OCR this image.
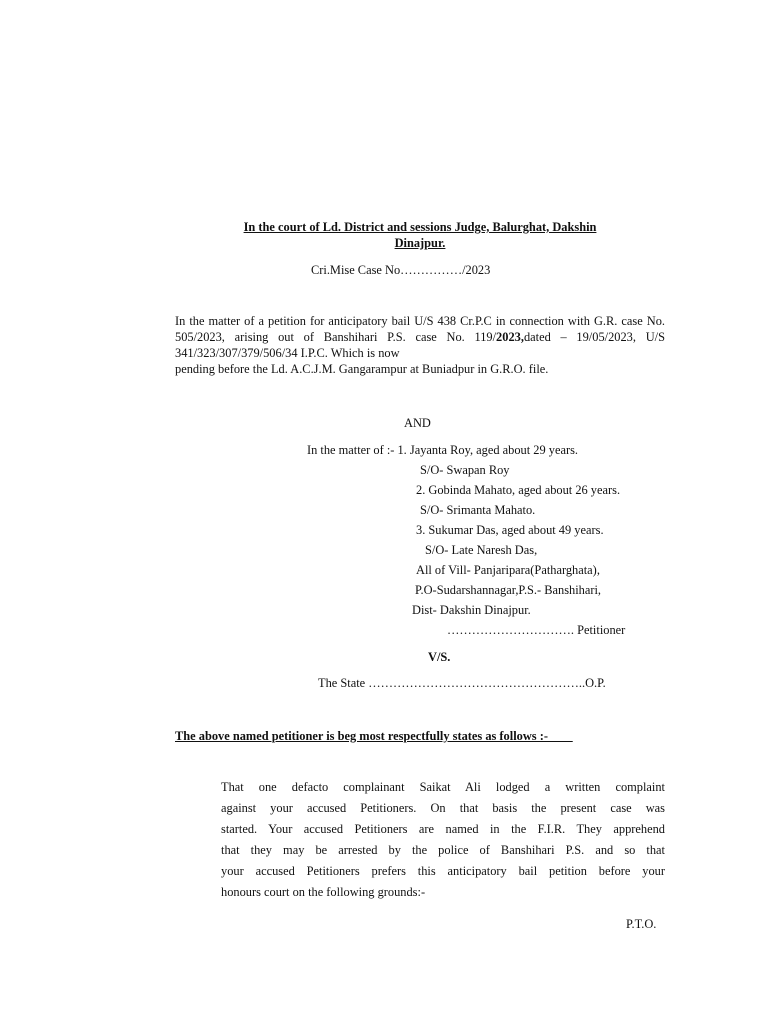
In the court of Ld. District and sessions Judge, Balurghat, Dakshin
Dinajpur.
Cri.Mise Case No……………/2023
In the matter of a petition for anticipatory bail U/S 438 Cr.P.C in connection with G.R. case No. 505/2023, arising out of Banshihari P.S. case No. 119/2023,dated – 19/05/2023, U/S 341/323/307/379/506/34 I.P.C. Which is now
pending before the Ld. A.C.J.M. Gangarampur at Buniadpur in G.R.O. file.
AND
In the matter of :- 1. Jayanta Roy, aged about 29 years.
S/O- Swapan Roy
2. Gobinda Mahato, aged about 26 years.
S/O- Srimanta Mahato.
3. Sukumar Das, aged about 49 years.
S/O- Late Naresh Das,
All of Vill- Panjaripara(Patharghata),
P.O-Sudarshannagar,P.S.- Banshihari,
Dist- Dakshin Dinajpur.
…………………………. Petitioner
V/S.
The State ……………………………………………..O.P.
The above named petitioner is beg most respectfully states as follows :-
That one defacto complainant Saikat Ali lodged a written complaint
against your accused Petitioners. On that basis the present case was
started. Your accused Petitioners are named in the F.I.R. They apprehend
that they may be arrested by the police of Banshihari P.S. and so that
your accused Petitioners prefers this anticipatory bail petition before your
honours court on the following grounds:-
P.T.O.
